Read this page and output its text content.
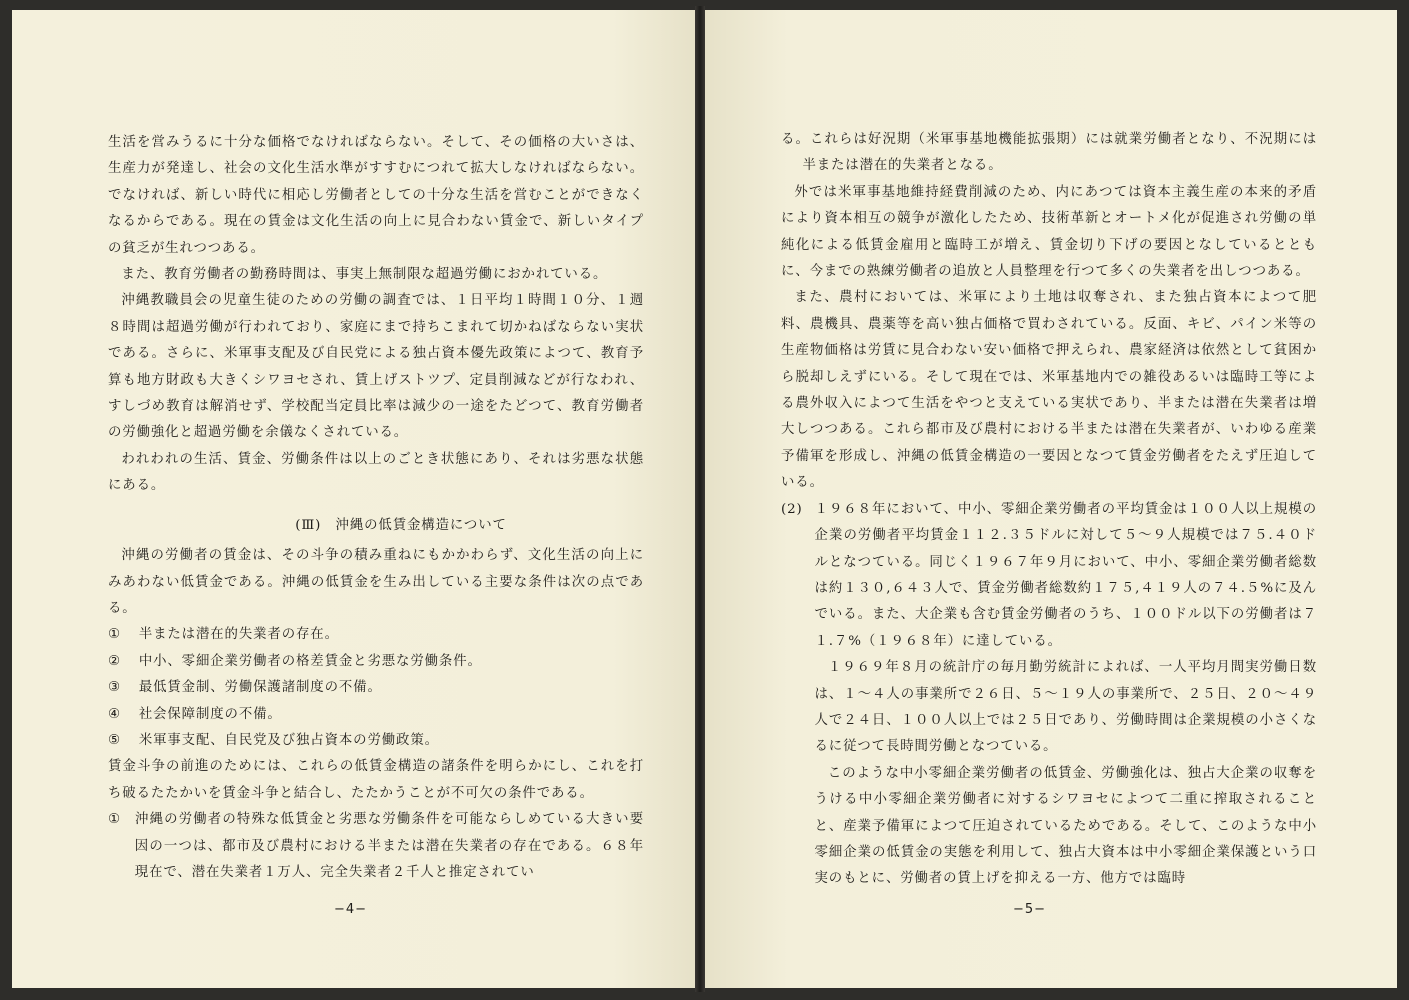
生活を営みうるに十分な価格でなければならない。そして、その価格の大いさは、生産力が発達し、社会の文化生活水準がすすむにつれて拡大しなければならない。でなければ、新しい時代に相応し労働者としての十分な生活を営むことができなくなるからである。現在の賃金は文化生活の向上に見合わない賃金で、新しいタイプの貧乏が生れつつある。

また、教育労働者の勤務時間は、事実上無制限な超過労働におかれている。

沖縄教職員会の児童生徒のための労働の調査では、１日平均１時間１０分、１週８時間は超過労働が行われており、家庭にまで持ちこまれて切かねばならない実状である。さらに、米軍事支配及び自民党による独占資本優先政策によつて、教育予算も地方財政も大きくシワヨセされ、賃上げストツプ、定員削減などが行なわれ、すしづめ教育は解消せず、学校配当定員比率は減少の一途をたどつて、教育労働者の労働強化と超過労働を余儀なくされている。

われわれの生活、賃金、労働条件は以上のごとき状態にあり、それは劣悪な状態にある。

(Ⅲ)　沖縄の低賃金構造について

沖縄の労働者の賃金は、その斗争の積み重ねにもかかわらず、文化生活の向上にみあわない低賃金である。沖縄の低賃金を生み出している主要な条件は次の点である。

① 半または潜在的失業者の存在。

② 中小、零細企業労働者の格差賃金と劣悪な労働条件。

③ 最低賃金制、労働保護諸制度の不備。

④ 社会保障制度の不備。

⑤ 米軍事支配、自民党及び独占資本の労働政策。

賃金斗争の前進のためには、これらの低賃金構造の諸条件を明らかにし、これを打ち破るたたかいを賃金斗争と結合し、たたかうことが不可欠の条件である。

① 沖縄の労働者の特殊な低賃金と劣悪な労働条件を可能ならしめている大きい要因の一つは、都市及び農村における半または潜在失業者の存在である。６８年現在で、潜在失業者１万人、完全失業者２千人と推定されてい

−4−

る。これらは好況期（米軍事基地機能拡張期）には就業労働者となり、不況期には半または潜在的失業者となる。

外では米軍事基地維持経費削減のため、内にあつては資本主義生産の本来的矛盾により資本相互の競争が激化したため、技術革新とオートメ化が促進され労働の単純化による低賃金雇用と臨時工が増え、賃金切り下げの要因となしているとともに、今までの熟練労働者の追放と人員整理を行つて多くの失業者を出しつつある。

また、農村においては、米軍により土地は収奪され、また独占資本によつて肥料、農機具、農薬等を高い独占価格で買わされている。反面、キビ、パイン米等の生産物価格は労賃に見合わない安い価格で押えられ、農家経済は依然として貧困から脱却しえずにいる。そして現在では、米軍基地内での雑役あるいは臨時工等による農外収入によつて生活をやつと支えている実状であり、半または潜在失業者は増大しつつある。これら都市及び農村における半または潜在失業者が、いわゆる産業予備軍を形成し、沖縄の低賃金構造の一要因となつて賃金労働者をたえず圧迫している。

(2) １９６８年において、中小、零細企業労働者の平均賃金は１００人以上規模の企業の労働者平均賃金１１２.３５ドルに対して５〜９人規模では７５.４０ドルとなつている。同じく１９６７年９月において、中小、零細企業労働者総数は約１３０,６４３人で、賃金労働者総数約１７５,４１９人の７４.５%に及んでいる。また、大企業も含む賃金労働者のうち、１００ドル以下の労働者は７１.７%（１９６８年）に達している。

１９６９年８月の統計庁の毎月勤労統計によれば、一人平均月間実労働日数は、１〜４人の事業所で２６日、５〜１９人の事業所で、２５日、２０〜４９人で２４日、１００人以上では２５日であり、労働時間は企業規模の小さくなるに従つて長時間労働となつている。

このような中小零細企業労働者の低賃金、労働強化は、独占大企業の収奪をうける中小零細企業労働者に対するシワヨセによつて二重に搾取されることと、産業予備軍によつて圧迫されているためである。そして、このような中小零細企業の低賃金の実態を利用して、独占大資本は中小零細企業保護という口実のもとに、労働者の賃上げを抑える一方、他方では臨時

−5−
